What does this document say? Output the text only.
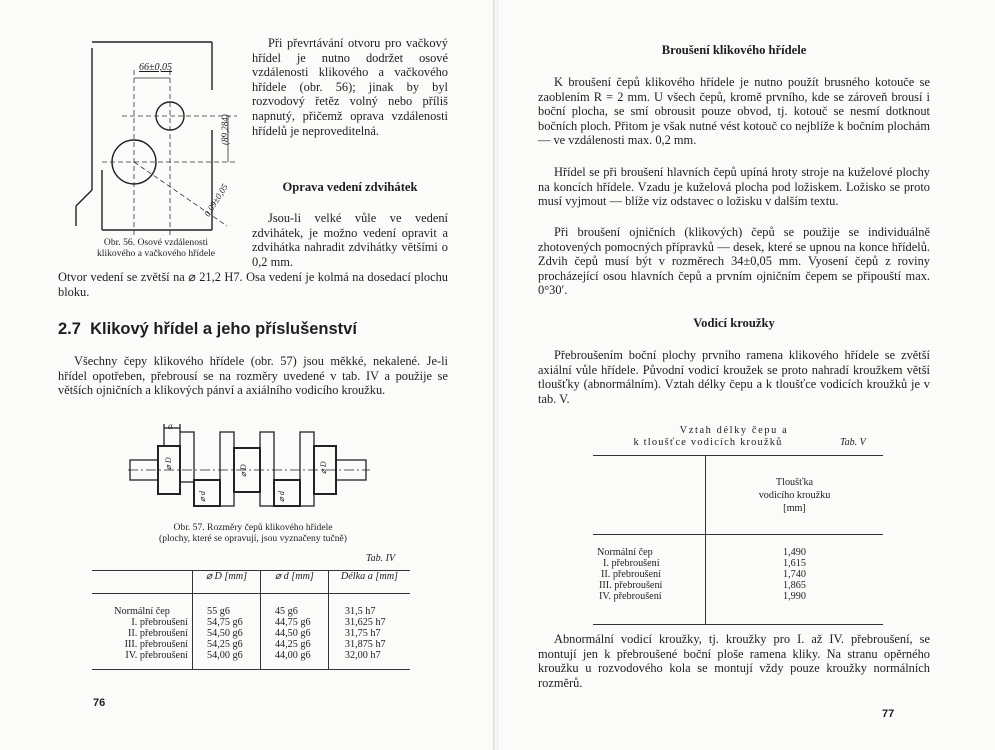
66±0,05
(89,284)
0,09±0,05
Při převrtávání otvoru pro vačkový hřídel je nutno dodržet osové vzdálenosti klikového a vačkového hřídele (obr. 56); jinak by byl rozvodový řetěz volný nebo příliš napnutý, přičemž oprava vzdálenosti hřídelů je neproveditelná.
Oprava vedení zdvihátek
Jsou-li velké vůle ve vedení zdvihátek, je možno vedení opravit a zdvihátka nahradit zdvihátky většími o 0,2 mm.
Obr. 56. Osové vzdálenosti
klikového a vačkového hřídele
Otvor vedení se zvětší na ⌀ 21,2 H7. Osa vedení je kolmá na dosedací plochu bloku.
2.7  Klikový hřídel a jeho příslušenství
Všechny čepy klikového hřídele (obr. 57) jsou měkké, nekalené. Je-li hřídel opotřeben, přebrousí se na rozměry uvedené v tab. IV a použije se větších ojničních a klikových pánví a axiálního vodicího kroužku.
a
⌀ D
⌀ d
⌀ D
⌀ d
⌀ D
Obr. 57. Rozměry čepů klikového hřídele
(plochy, které se opravují, jsou vyznačeny tučně)
Tab. IV
	⌀ D [mm]	⌀ d [mm]	Délka a [mm]
Normální čep	55 g6	45 g6	31,5 h7
I. přebroušení	54,75 g6	44,75 g6	31,625 h7
II. přebroušení	54,50 g6	44,50 g6	31,75 h7
III. přebroušení	54,25 g6	44,25 g6	31,875 h7
IV. přebroušení	54,00 g6	44,00 g6	32,00 h7
76
Broušení klikového hřídele
K broušení čepů klikového hřídele je nutno použít brusného kotouče se zaoblením R = 2 mm. U všech čepů, kromě prvního, kde se zároveň brousí i boční plocha, se smí obrousit pouze obvod, tj. kotouč se nesmí dotknout bočních ploch. Přitom je však nutné vést kotouč co nejblíže k bočním plochám — ve vzdálenosti max. 0,2 mm.
Hřídel se při broušení hlavních čepů upíná hroty stroje na kuželové plochy na koncích hřídele. Vzadu je kuželová plocha pod ložiskem. Ložisko se proto musí vyjmout — blíže viz odstavec o ložisku v dalším textu.
Při broušení ojničních (klikových) čepů se použije se individuálně zhotovených pomocných přípravků — desek, které se upnou na konce hřídelů. Zdvih čepů musí být v rozměrech 34±0,05 mm. Vyosení čepů z roviny procházející osou hlavních čepů a prvním ojničním čepem se připouští max. 0°30′.
Vodicí kroužky
Přebroušením boční plochy prvního ramena klikového hřídele se zvětší axiální vůle hřídele. Původní vodicí kroužek se proto nahradí kroužkem větší tloušťky (abnormálním). Vztah délky čepu a k tloušťce vodicích kroužků je v tab. V.
Vztah délky čepu a
k tloušťce vodicích kroužků	Tab. V

	Tloušťka
vodicího kroužku
[mm]

Normální čep	1,490
I. přebroušení	1,615
II. přebroušení	1,740
III. přebroušení	1,865
IV. přebroušení	1,990
Abnormální vodicí kroužky, tj. kroužky pro I. až IV. přebroušení, se montují jen k přebroušené boční ploše ramena kliky. Na stranu opěrného kroužku u rozvodového kola se montují vždy pouze kroužky normálních rozměrů.
77
